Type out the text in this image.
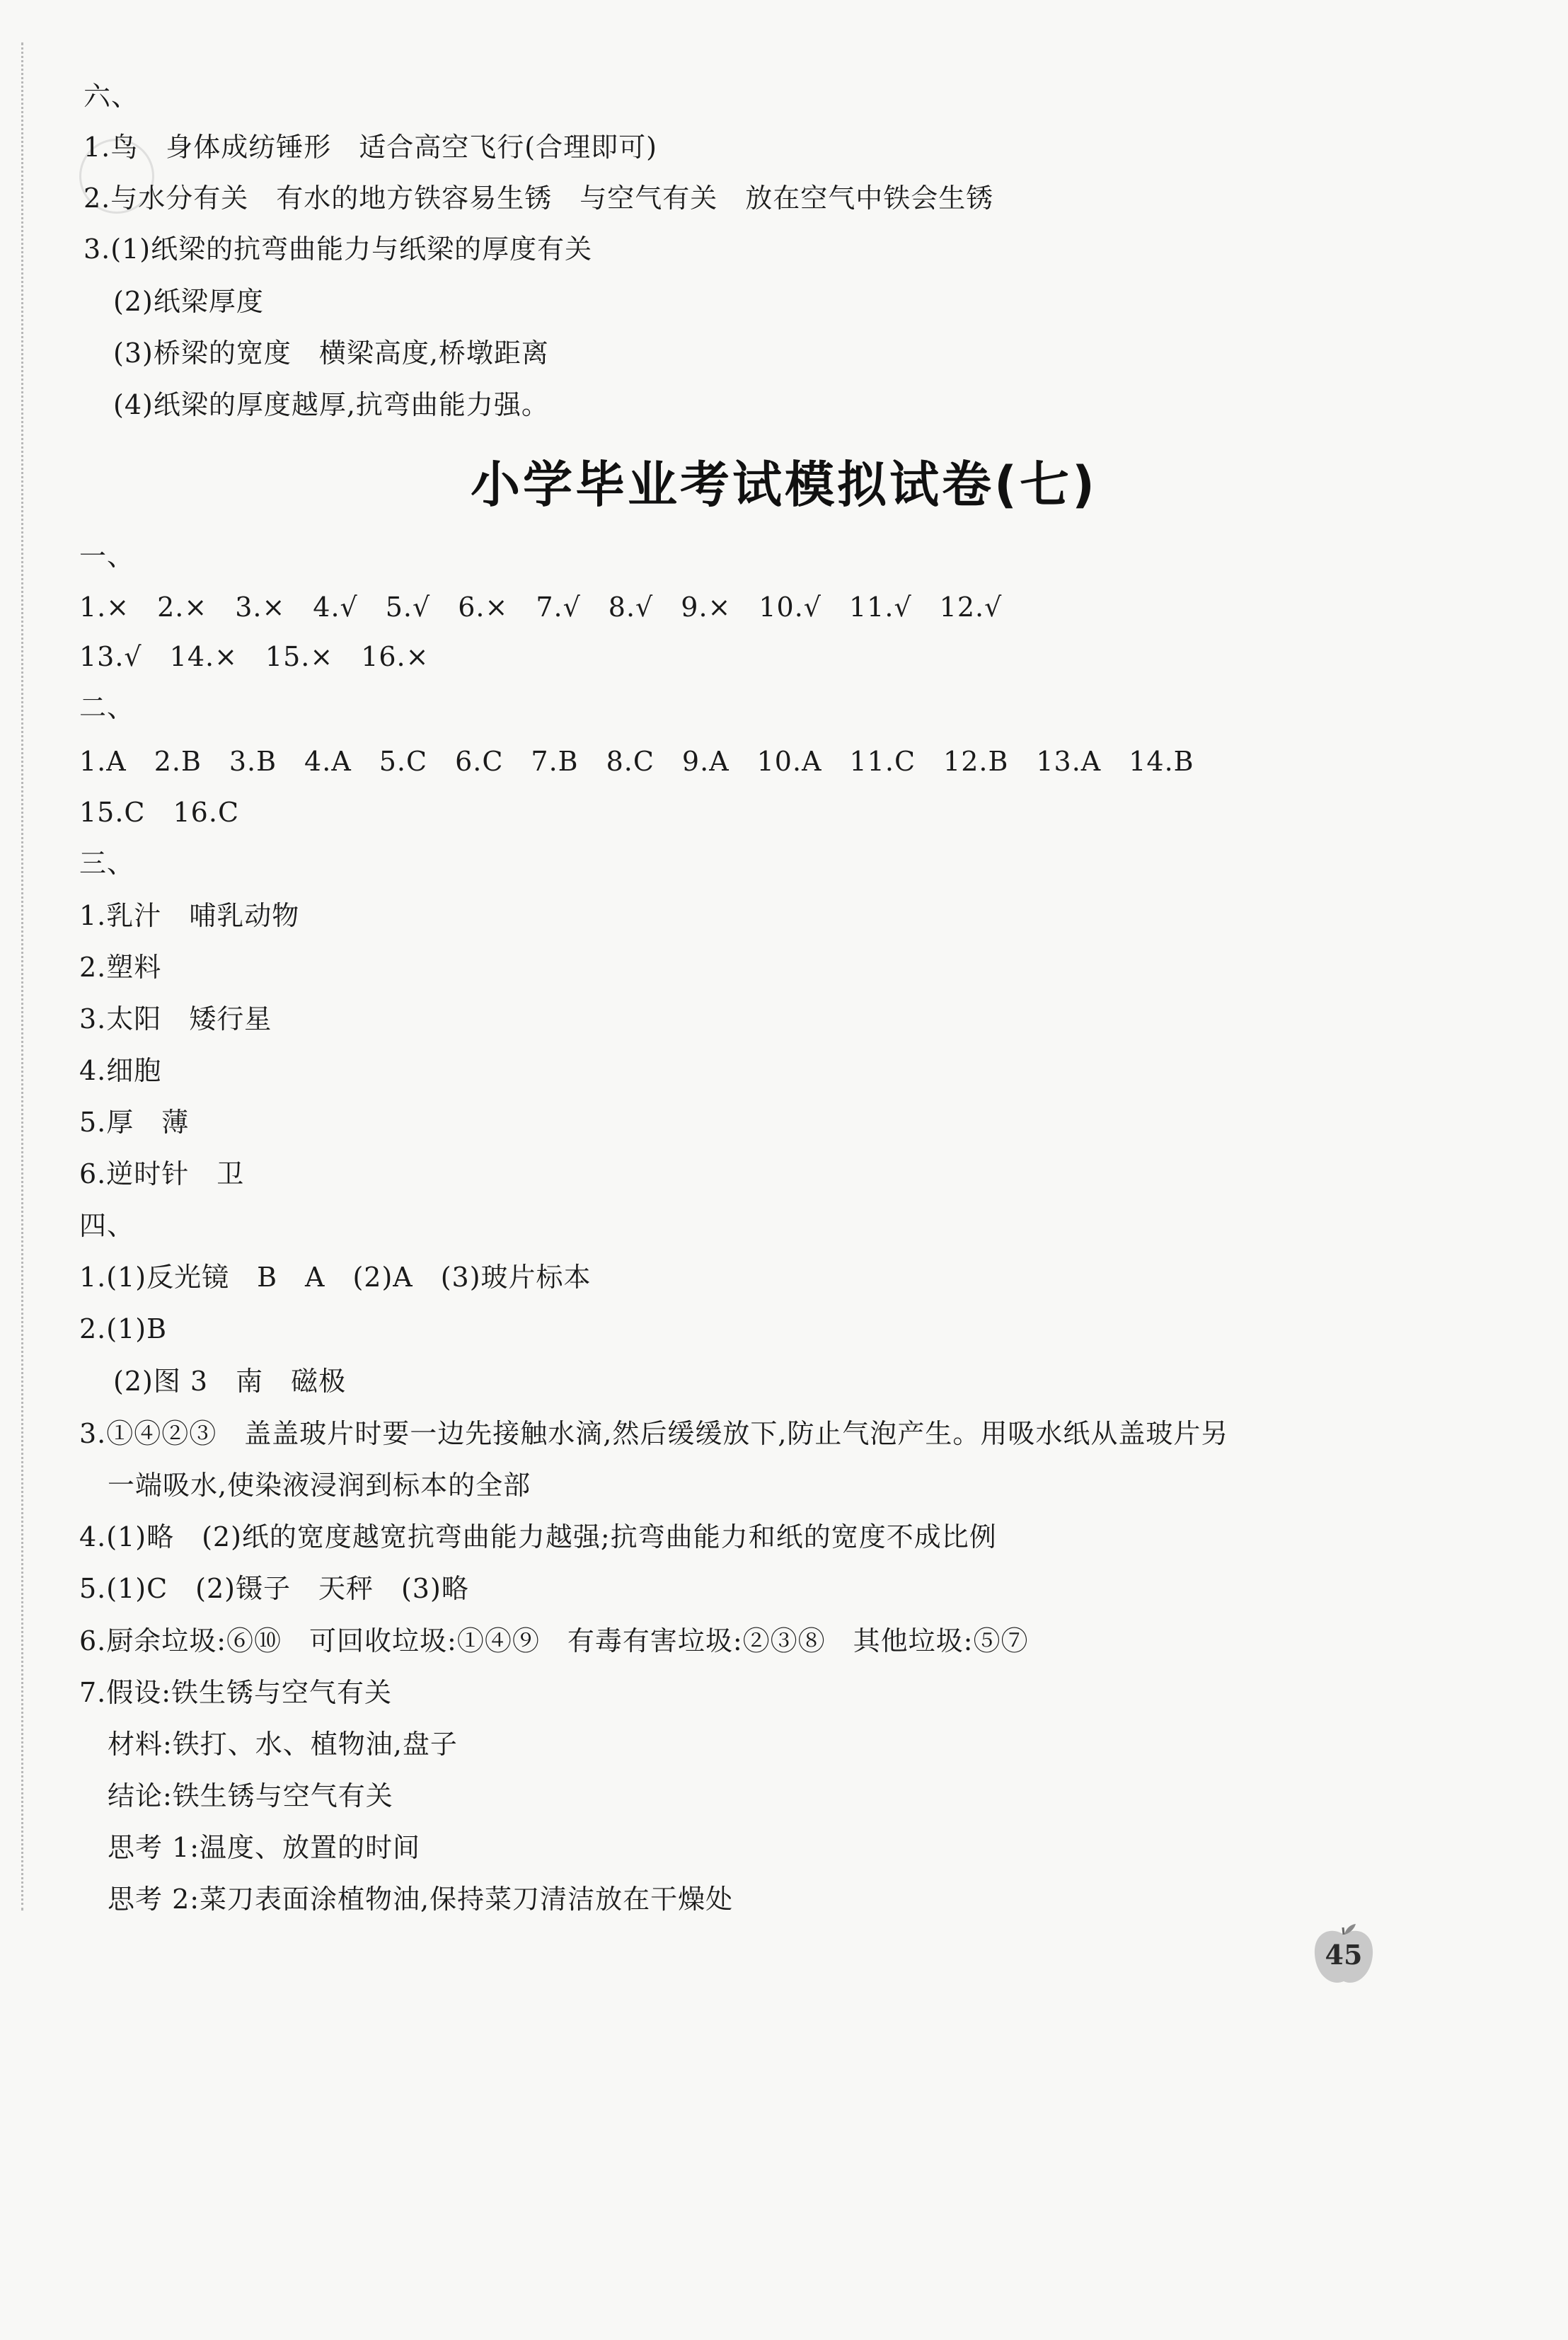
六、
1.鸟　身体成纺锤形　适合高空飞行(合理即可)
2.与水分有关　有水的地方铁容易生锈　与空气有关　放在空气中铁会生锈
3.(1)纸梁的抗弯曲能力与纸梁的厚度有关
(2)纸梁厚度
(3)桥梁的宽度　横梁高度,桥墩距离
(4)纸梁的厚度越厚,抗弯曲能力强。
小学毕业考试模拟试卷(七)
一、
1.×　2.×　3.×　4.√　5.√　6.×　7.√　8.√　9.×　10.√　11.√　12.√
13.√　14.×　15.×　16.×
二、
1.A　2.B　3.B　4.A　5.C　6.C　7.B　8.C　9.A　10.A　11.C　12.B　13.A　14.B
15.C　16.C
三、
1.乳汁　哺乳动物
2.塑料
3.太阳　矮行星
4.细胞
5.厚　薄
6.逆时针　卫
四、
1.(1)反光镜　B　A　(2)A　(3)玻片标本
2.(1)B
(2)图 3　南　磁极
3.①④②③　盖盖玻片时要一边先接触水滴,然后缓缓放下,防止气泡产生。用吸水纸从盖玻片另
一端吸水,使染液浸润到标本的全部
4.(1)略　(2)纸的宽度越宽抗弯曲能力越强;抗弯曲能力和纸的宽度不成比例
5.(1)C　(2)镊子　天秤　(3)略
6.厨余垃圾:⑥⑩　可回收垃圾:①④⑨　有毒有害垃圾:②③⑧　其他垃圾:⑤⑦
7.假设:铁生锈与空气有关
材料:铁打、水、植物油,盘子
结论:铁生锈与空气有关
思考 1:温度、放置的时间
思考 2:菜刀表面涂植物油,保持菜刀清洁放在干燥处
45
